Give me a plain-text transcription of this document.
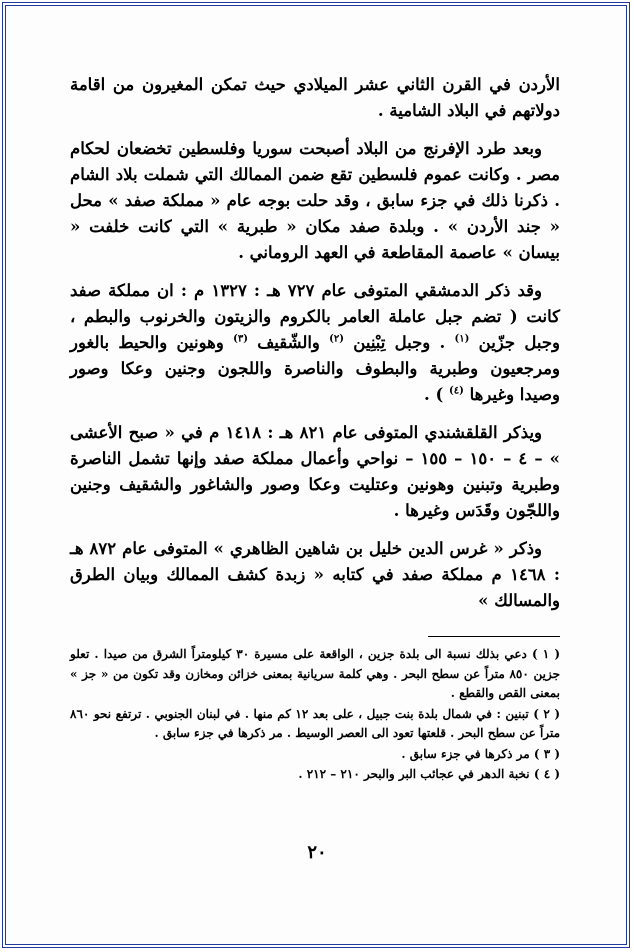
الأردن في القرن الثاني عشر الميلادي حيث تمكن المغيرون من اقامة دولاتهم في البلاد الشامية .

وبعد طرد الإفرنج من البلاد أصبحت سوريا وفلسطين تخضعان لحكام مصر . وكانت عموم فلسطين تقع ضمن الممالك التي شملت بلاد الشام . ذكرنا ذلك في جزء سابق ، وقد حلت بوجه عام « مملكة صفد » محل « جند الأردن » . وبلدة صفد مكان « طبرية » التي كانت خلفت « بيسان » عاصمة المقاطعة في العهد الروماني .

وقد ذكر الدمشقي المتوفى عام ٧٢٧ هـ : ١٣٢٧ م : ان مملكة صفد كانت ( تضم جبل عاملة العامر بالكروم والزيتون والخرنوب والبطم ، وجبل جزّين $^{(١)}$ . وجبل تِبْنِين $^{(٢)}$ والشّقيف $^{(٣)}$ وهونين والحيط بالغور ومرجعيون وطبرية والبطوف والناصرة واللجون وجنين وعكا وصور وصيدا وغيرها $^{(٤)}$ ) .

ويذكر القلقشندي المتوفى عام ٨٢١ هـ : ١٤١٨ م في « صبح الأعشى » – ٤ – ١٥٠ – ١٥٥ – نواحي وأعمال مملكة صفد وإنها تشمل الناصرة وطبرية وتبنين وهونين وعتليت وعكا وصور والشاغور والشقيف وجنين واللجّون وقَدَس وغيرها .

وذكر « غرس الدين خليل بن شاهين الظاهري » المتوفى عام ٨٧٢ هـ : ١٤٦٨ م مملكة صفد في كتابه « زبدة كشف الممالك وبيان الطرق والمسالك »

( ١ ) دعي بذلك نسبة الى بلدة جزين ، الواقعة على مسيرة ٣٠ كيلومتراً الشرق من صيدا . تعلو جزين ٨٥٠ متراً عن سطح البحر . وهي كلمة سريانية بمعنى خزائن ومخازن وقد تكون من « جز » بمعنى القص والقطع .

( ٢ ) تبنين : في شمال بلدة بنت جبيل ، على بعد ١٢ كم منها . في لبنان الجنوبي . ترتفع نحو ٨٦٠ متراً عن سطح البحر . قلعتها تعود الى العصر الوسيط . مر ذكرها في جزء سابق .

( ٣ ) مر ذكرها في جزء سابق .

( ٤ ) نخبة الدهر في عجائب البر والبحر ٢١٠ – ٢١٢ .

٢٠
